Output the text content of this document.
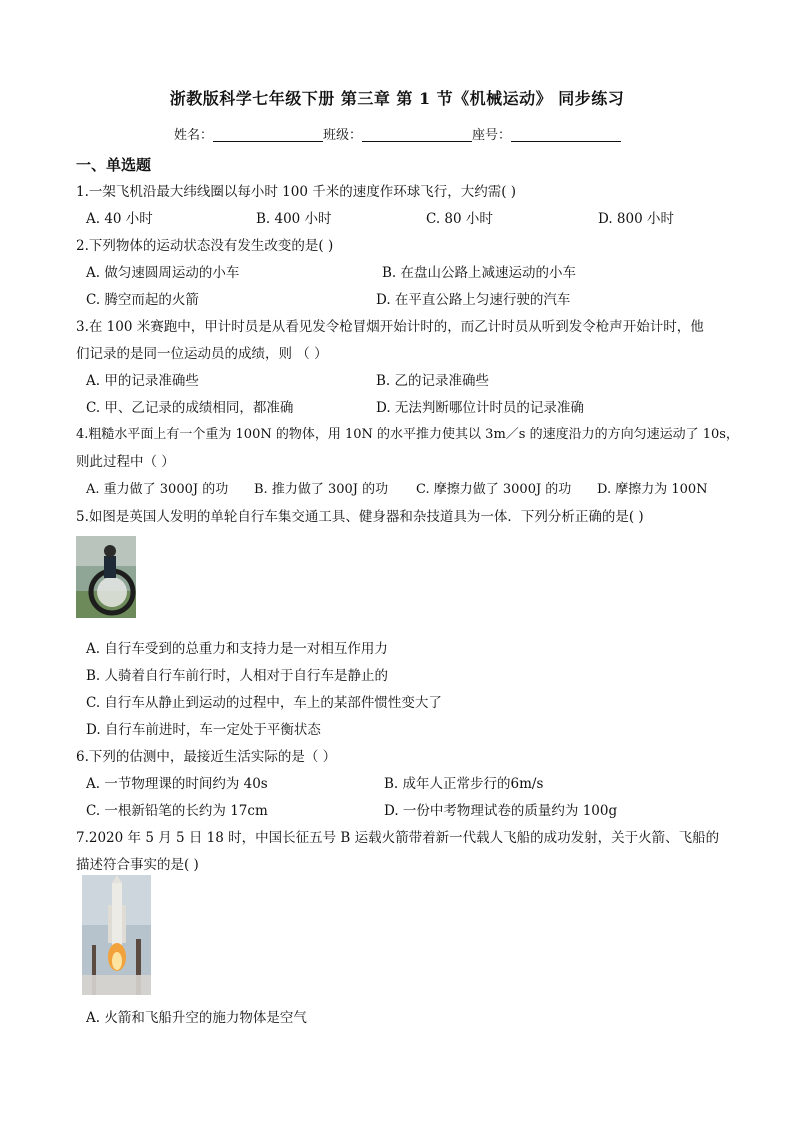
浙教版科学七年级下册 第三章 第 1 节《机械运动》 同步练习
姓名：	班级：	座号：
一、单选题
1.一架飞机沿最大纬线圈以每小时 100 千米的速度作环球飞行，大约需( )
A. 40 小时	B. 400 小时	C. 80 小时	D. 800 小时
2.下列物体的运动状态没有发生改变的是( )
A. 做匀速圆周运动的小车	B. 在盘山公路上减速运动的小车
C. 腾空而起的火箭	D. 在平直公路上匀速行驶的汽车
3.在 100 米赛跑中，甲计时员是从看见发令枪冒烟开始计时的，而乙计时员从听到发令枪声开始计时，他
们记录的是同一位运动员的成绩，则 （ ）
A. 甲的记录准确些	B. 乙的记录准确些
C. 甲、乙记录的成绩相同，都准确	D. 无法判断哪位计时员的记录准确
4.粗糙水平面上有一个重为 100N 的物体，用 10N 的水平推力使其以 3m／s 的速度沿力的方向匀速运动了 10s，
则此过程中（ ）
A. 重力做了 3000J 的功 B. 推力做了 300J 的功 C. 摩擦力做了 3000J 的功 D. 摩擦力为 100N
5.如图是英国人发明的单轮自行车集交通工具、健身器和杂技道具为一体．下列分析正确的是( )
A. 自行车受到的总重力和支持力是一对相互作用力
B. 人骑着自行车前行时，人相对于自行车是静止的
C. 自行车从静止到运动的过程中，车上的某部件惯性变大了
D. 自行车前进时，车一定处于平衡状态
6.下列的估测中，最接近生活实际的是（ ）
A. 一节物理课的时间约为 40s	B. 成年人正常步行的6m/s
C. 一根新铅笔的长约为 17cm	D. 一份中考物理试卷的质量约为 100g
7.2020 年 5 月 5 日 18 时，中国长征五号 B 运载火箭带着新一代载人飞船的成功发射，关于火箭、飞船的
描述符合事实的是( )
A. 火箭和飞船升空的施力物体是空气
